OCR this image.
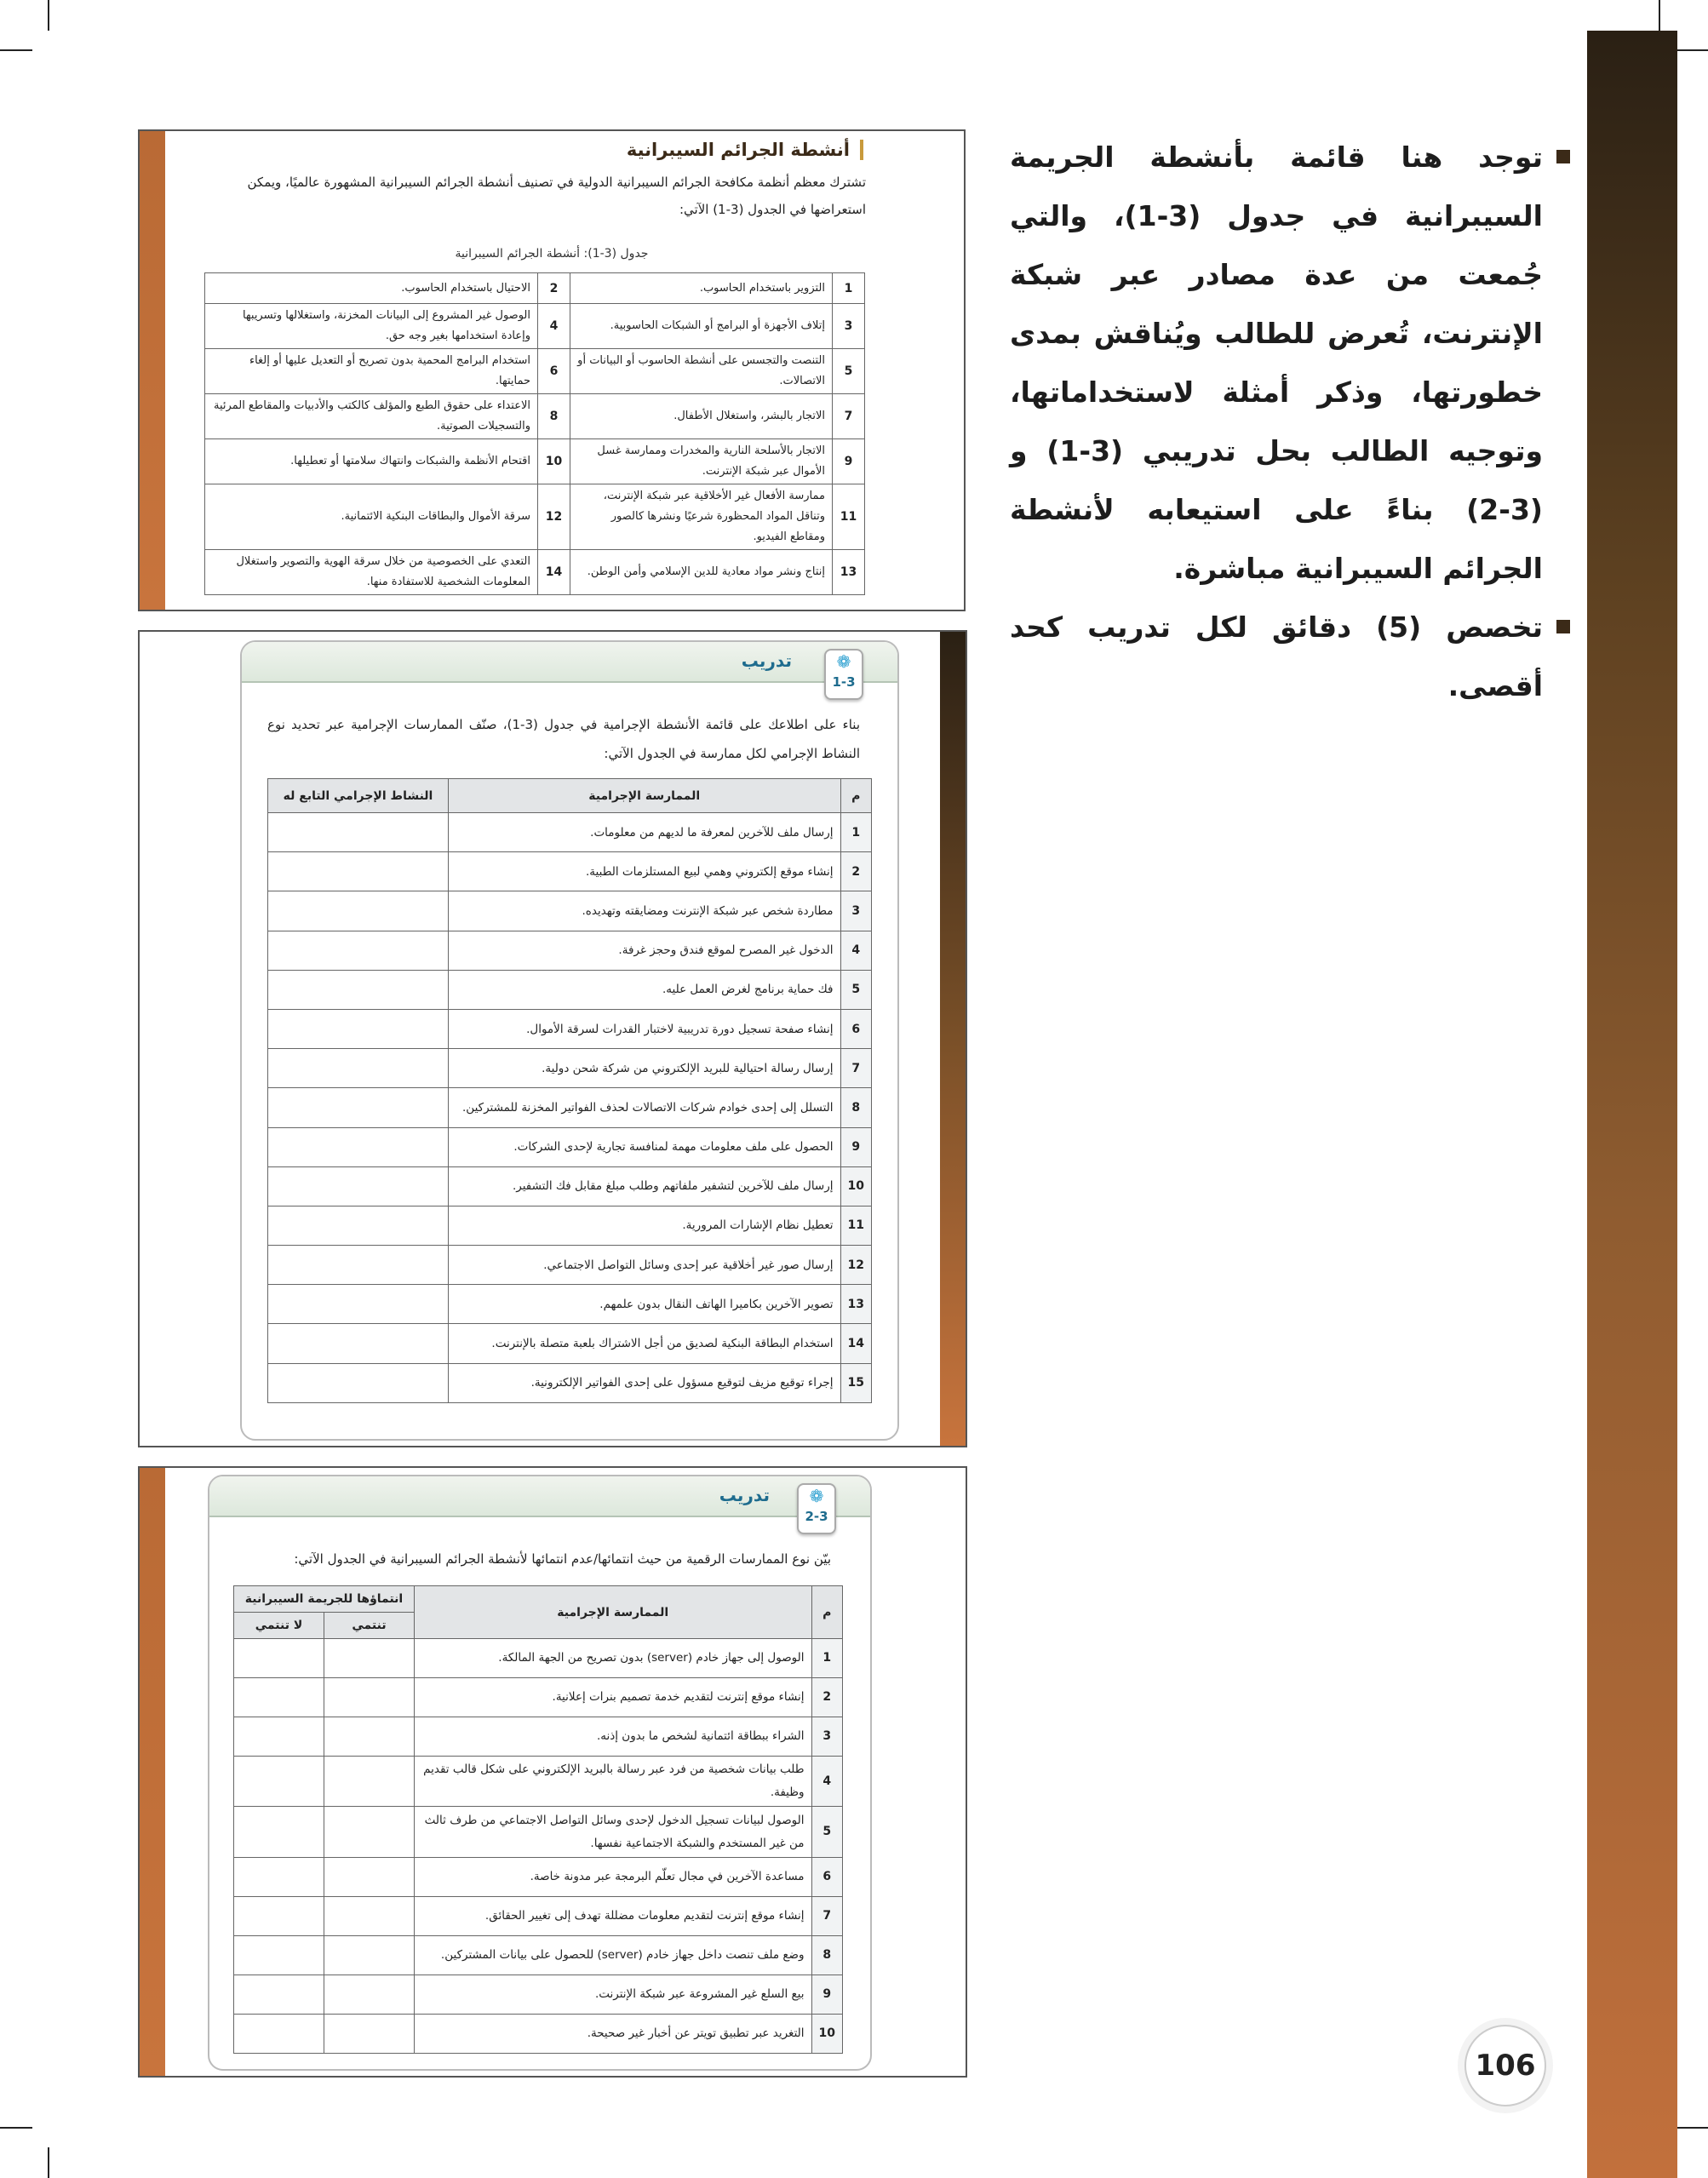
توجد هنا قائمة بأنشطة الجريمة السيبرانية في جدول (3-1)، والتي جُمعت من عدة مصادر عبر شبكة الإنترنت، تُعرض للطالب ويُناقش بمدى خطورتها، وذكر أمثلة لاستخداماتها، وتوجيه الطالب بحل تدريبي (3-1) و (3-2) بناءً على استيعابه لأنشطة الجرائم السيبرانية مباشرة.
تخصص (5) دقائق لكل تدريب كحد أقصى.
أنشطة الجرائم السيبرانية
تشترك معظم أنظمة مكافحة الجرائم السيبرانية الدولية في تصنيف أنشطة الجرائم السيبرانية المشهورة عالميًا، ويمكن استعراضها في الجدول (3-1) الآتي:
جدول (3-1): أنشطة الجرائم السيبرانية
1	التزوير باستخدام الحاسوب.	2	الاحتيال باستخدام الحاسوب.
3	إتلاف الأجهزة أو البرامج أو الشبكات الحاسوبية.	4	الوصول غير المشروع إلى البيانات المخزنة، واستغلالها وتسريبها وإعادة استخدامها بغير وجه حق.
5	التنصت والتجسس على أنشطة الحاسوب أو البيانات أو الاتصالات.	6	استخدام البرامج المحمية بدون تصريح أو التعديل عليها أو إلغاء حمايتها.
7	الاتجار بالبشر، واستغلال الأطفال.	8	الاعتداء على حقوق الطبع والمؤلف كالكتب والأدبيات والمقاطع المرئية والتسجيلات الصوتية.
9	الاتجار بالأسلحة النارية والمخدرات وممارسة غسل الأموال عبر شبكة الإنترنت.	10	اقتحام الأنظمة والشبكات وانتهاك سلامتها أو تعطيلها.
11	ممارسة الأفعال غير الأخلاقية عبر شبكة الإنترنت، وتناقل المواد المحظورة شرعيًا ونشرها كالصور ومقاطع الفيديو.	12	سرقة الأموال والبطاقات البنكية الائتمانية.
13	إنتاج ونشر مواد معادية للدين الإسلامي وأمن الوطن.	14	التعدي على الخصوصية من خلال سرقة الهوية والتصوير واستغلال المعلومات الشخصية للاستفادة منها.
تدريب	❁
1-3
بناء على اطلاعك على قائمة الأنشطة الإجرامية في جدول (3-1)، صنّف الممارسات الإجرامية عبر تحديد نوع النشاط الإجرامي لكل ممارسة في الجدول الآتي:
م	الممارسة الإجرامية	النشاط الإجرامي التابع له
1	إرسال ملف للآخرين لمعرفة ما لديهم من معلومات.	
2	إنشاء موقع إلكتروني وهمي لبيع المستلزمات الطبية.	
3	مطاردة شخص عبر شبكة الإنترنت ومضايقته وتهديده.	
4	الدخول غير المصرح لموقع فندق وحجز غرفة.	
5	فك حماية برنامج لغرض العمل عليه.	
6	إنشاء صفحة تسجيل دورة تدريبية لاختبار القدرات لسرقة الأموال.	
7	إرسال رسالة احتيالية للبريد الإلكتروني من شركة شحن دولية.	
8	التسلل إلى إحدى خوادم شركات الاتصالات لحذف الفواتير المخزنة للمشتركين.	
9	الحصول على ملف معلومات مهمة لمنافسة تجارية لإحدى الشركات.	
10	إرسال ملف للآخرين لتشفير ملفاتهم وطلب مبلغ مقابل فك التشفير.	
11	تعطيل نظام الإشارات المرورية.	
12	إرسال صور غير أخلاقية عبر إحدى وسائل التواصل الاجتماعي.	
13	تصوير الآخرين بكاميرا الهاتف النقال بدون علمهم.	
14	استخدام البطاقة البنكية لصديق من أجل الاشتراك بلعبة متصلة بالإنترنت.	
15	إجراء توقيع مزيف لتوقيع مسؤول على إحدى الفواتير الإلكترونية.	
تدريب	❁
2-3
بيّن نوع الممارسات الرقمية من حيث انتمائها/عدم انتمائها لأنشطة الجرائم السيبرانية في الجدول الآتي:
م	الممارسة الإجرامية	انتماؤها للجريمة السيبرانية	
		تنتمي	لا تنتمي
1	الوصول إلى جهاز خادم (server) بدون تصريح من الجهة المالكة.		
2	إنشاء موقع إنترنت لتقديم خدمة تصميم بنرات إعلانية.		
3	الشراء ببطاقة ائتمانية لشخص ما بدون إذنه.		
4	طلب بيانات شخصية من فرد عبر رسالة بالبريد الإلكتروني على شكل قالب تقديم وظيفة.		
5	الوصول لبيانات تسجيل الدخول لإحدى وسائل التواصل الاجتماعي من طرف ثالث من غير المستخدم والشبكة الاجتماعية نفسها.		
6	مساعدة الآخرين في مجال تعلّم البرمجة عبر مدونة خاصة.		
7	إنشاء موقع إنترنت لتقديم معلومات مضللة تهدف إلى تغيير الحقائق.		
8	وضع ملف تنصت داخل جهاز خادم (server) للحصول على بيانات المشتركين.		
9	بيع السلع غير المشروعة عبر شبكة الإنترنت.		
10	التغريد عبر تطبيق تويتر عن أخبار غير صحيحة.		
106
